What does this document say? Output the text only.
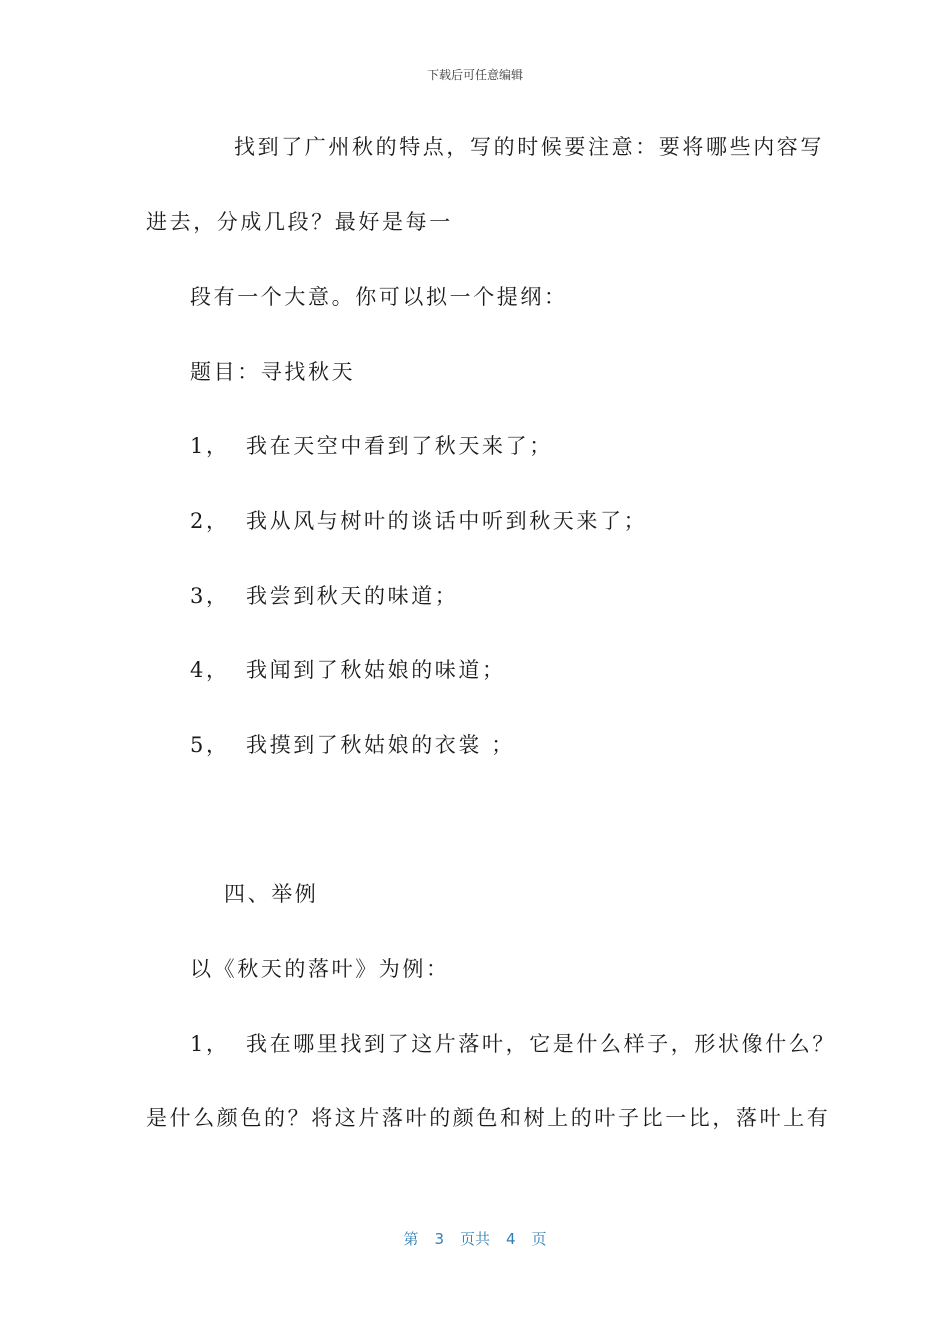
下载后可任意编辑
找到了广州秋的特点，写的时候要注意：要将哪些内容写
进去，分成几段？最好是每一
段有一个大意。你可以拟一个提纲：
题目：寻找秋天
1， 我在天空中看到了秋天来了；
2， 我从风与树叶的谈话中听到秋天来了；
3， 我尝到秋天的味道；
4， 我闻到了秋姑娘的味道；
5， 我摸到了秋姑娘的衣裳 ；
四、举例
以《秋天的落叶》为例：
1， 我在哪里找到了这片落叶，它是什么样子，形状像什么？
是什么颜色的？将这片落叶的颜色和树上的叶子比一比，落叶上有
第 3 页共 4 页
